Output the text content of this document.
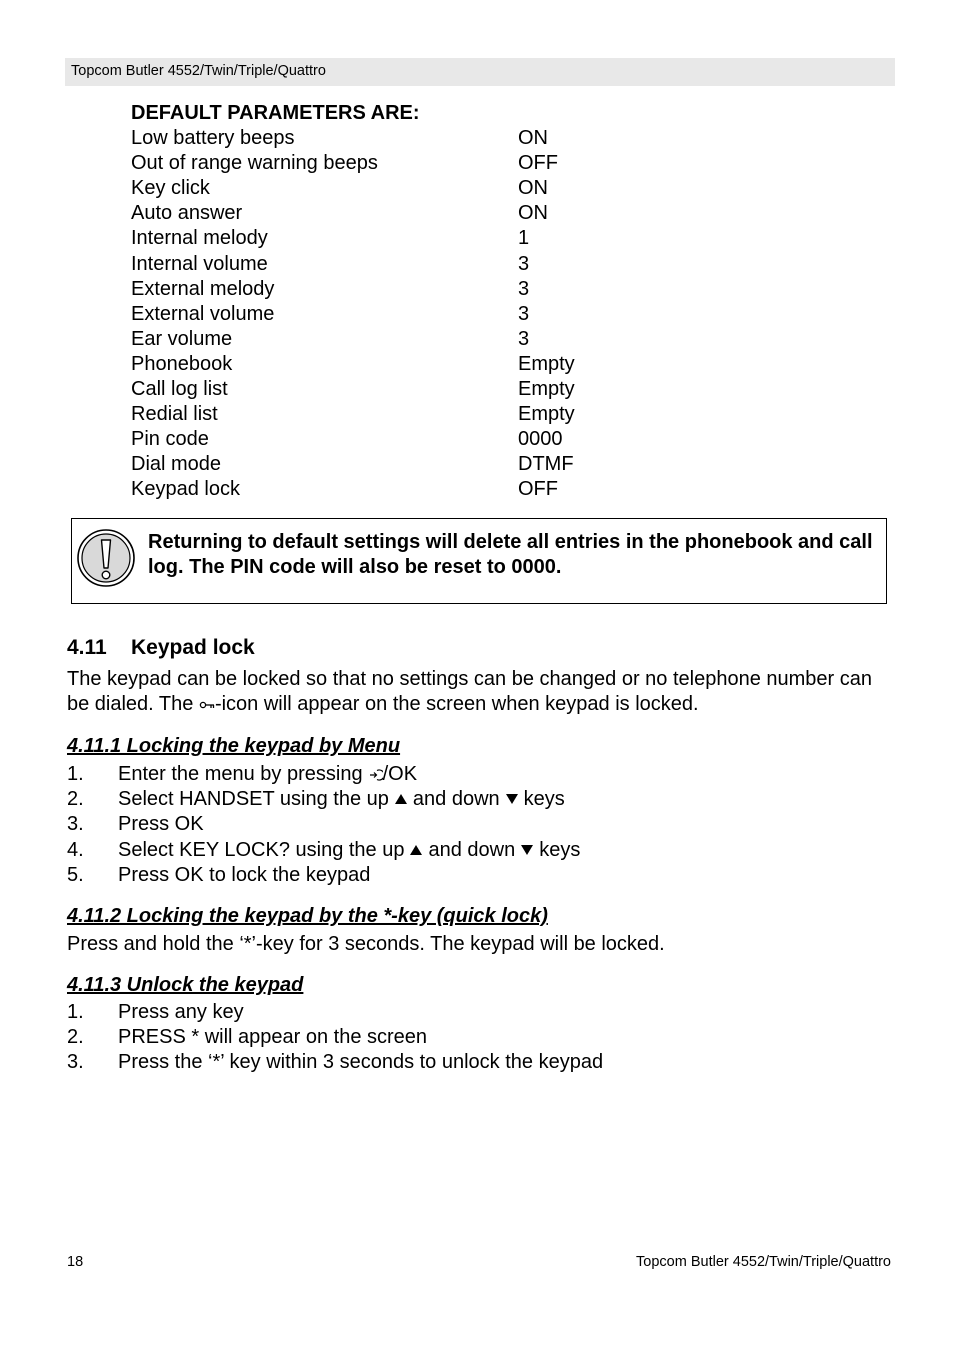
Topcom Butler 4552/Twin/Triple/Quattro
DEFAULT PARAMETERS ARE:
Low battery beeps	ON
Out of range warning beeps	OFF
Key click	ON
Auto answer	ON
Internal melody	1
Internal volume	3
External melody	3
External volume	3
Ear volume	3
Phonebook	Empty
Call log list	Empty
Redial list	Empty
Pin code	0000
Dial mode	DTMF
Keypad lock	OFF
Returning to default settings will delete all entries in the phonebook and call log. The PIN code will also be reset to 0000.
4.11 Keypad lock
The keypad can be locked so that no settings can be changed or no telephone number can be dialed. The -icon will appear on the screen when keypad is locked.
4.11.1 Locking the keypad by Menu
1. Enter the menu by pressing /OK
2. Select HANDSET using the up and down keys
3. Press OK
4. Select KEY LOCK? using the up and down keys
5. Press OK to lock the keypad
4.11.2 Locking the keypad by the *-key (quick lock)
Press and hold the ‘*’-key for 3 seconds. The keypad will be locked.
4.11.3 Unlock the keypad
1. Press any key
2. PRESS * will appear on the screen
3. Press the ‘*’ key within 3 seconds to unlock the keypad
18	Topcom Butler 4552/Twin/Triple/Quattro
